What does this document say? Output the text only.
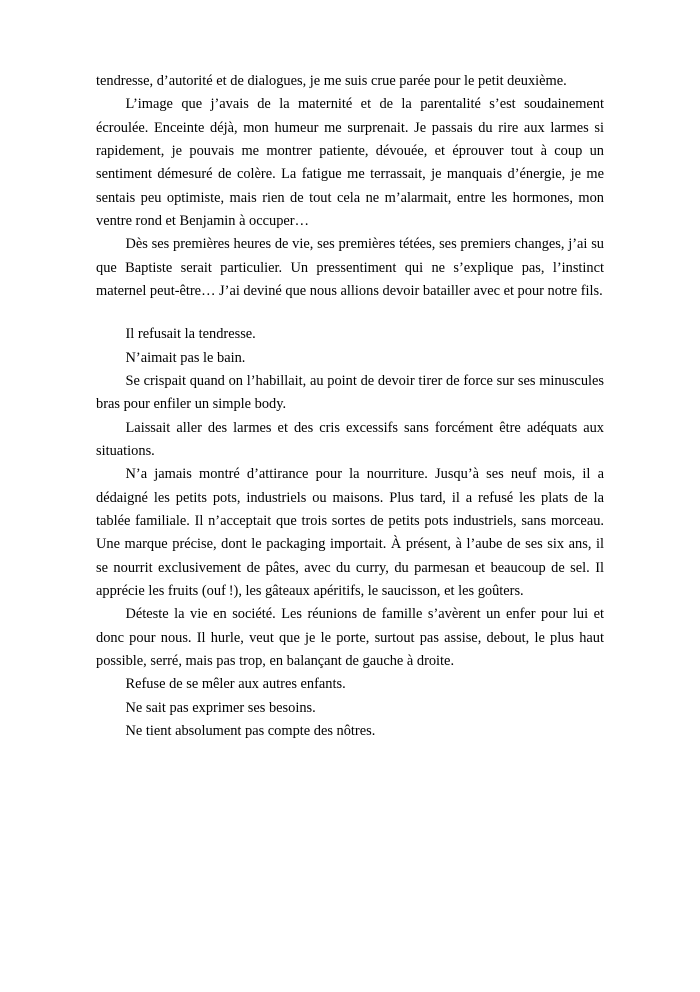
tendresse, d’autorité et de dialogues, je me suis crue parée pour le petit deuxième.

L’image que j’avais de la maternité et de la parentalité s’est soudainement écroulée. Enceinte déjà, mon humeur me surprenait. Je passais du rire aux larmes si rapidement, je pouvais me montrer patiente, dévouée, et éprouver tout à coup un sentiment démesuré de colère. La fatigue me terrassait, je manquais d’énergie, je me sentais peu optimiste, mais rien de tout cela ne m’alarmait, entre les hormones, mon ventre rond et Benjamin à occuper…

Dès ses premières heures de vie, ses premières tétées, ses premiers changes, j’ai su que Baptiste serait particulier. Un pressentiment qui ne s’explique pas, l’instinct maternel peut-être… J’ai deviné que nous allions devoir batailler avec et pour notre fils.

Il refusait la tendresse.

N’aimait pas le bain.

Se crispait quand on l’habillait, au point de devoir tirer de force sur ses minuscules bras pour enfiler un simple body.

Laissait aller des larmes et des cris excessifs sans forcément être adéquats aux situations.

N’a jamais montré d’attirance pour la nourriture. Jusqu’à ses neuf mois, il a dédaigné les petits pots, industriels ou maisons. Plus tard, il a refusé les plats de la tablée familiale. Il n’acceptait que trois sortes de petits pots industriels, sans morceau. Une marque précise, dont le packaging importait. À présent, à l’aube de ses six ans, il se nourrit exclusivement de pâtes, avec du curry, du parmesan et beaucoup de sel. Il apprécie les fruits (ouf !), les gâteaux apéritifs, le saucisson, et les goûters.

Déteste la vie en société. Les réunions de famille s’avèrent un enfer pour lui et donc pour nous. Il hurle, veut que je le porte, surtout pas assise, debout, le plus haut possible, serré, mais pas trop, en balançant de gauche à droite.

Refuse de se mêler aux autres enfants.

Ne sait pas exprimer ses besoins.

Ne tient absolument pas compte des nôtres.
